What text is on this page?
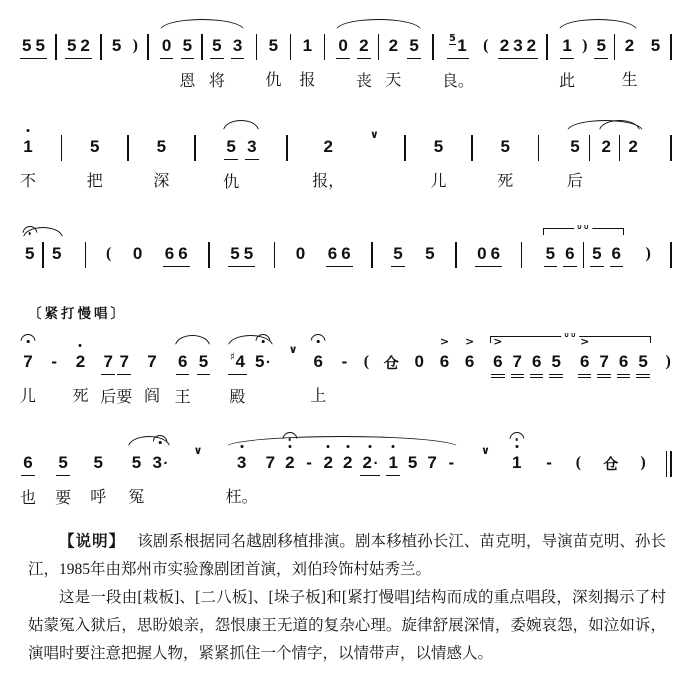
5 5 5 2 5 ) 0 5
恩
5
将
3 5
仇
1
报
0 2
丧
2
天
5	5 1
良。
( 2 3 2 1
此
) 5 2
生
5
1
不
5
把
5
深
5
仇
3	2
报，
∨
5
儿
5
死
5
后
2 2
5 5	( 0 6 6	5 5	0 6 6	5 5	0 6
∪∪
5 6 5 6 )
〔紧打慢唱〕
7
儿
- 2
死
7
后
7
要
7
阎
6
王
5 ♯ 4
殿
5 ·
∨
6
上
- ( 仓 0
>
6
>
6
∪∪
>
6 7 6 5
>
6 7 6 5 )
6
也
5
要
5
呼
5
冤
3 ·
∨
3
枉。
7 2 - 2 2 2 · 1 5 7 -
∨
1 - ( 仓 )

【说明】 该剧系根据同名越剧移植排演。剧本移植孙长江、苗克明，导演苗克明、孙长江，1985年由郑州市实验豫剧团首演，刘伯玲饰村姑秀兰。

这是一段由[栽板]、[二八板]、[垛子板]和[紧打慢唱]结构而成的重点唱段，深刻揭示了村姑蒙冤入狱后，思盼娘亲，怨恨康王无道的复杂心理。旋律舒展深情，委婉哀怨，如泣如诉，演唱时要注意把握人物，紧紧抓住一个情字，以情带声，以情感人。
